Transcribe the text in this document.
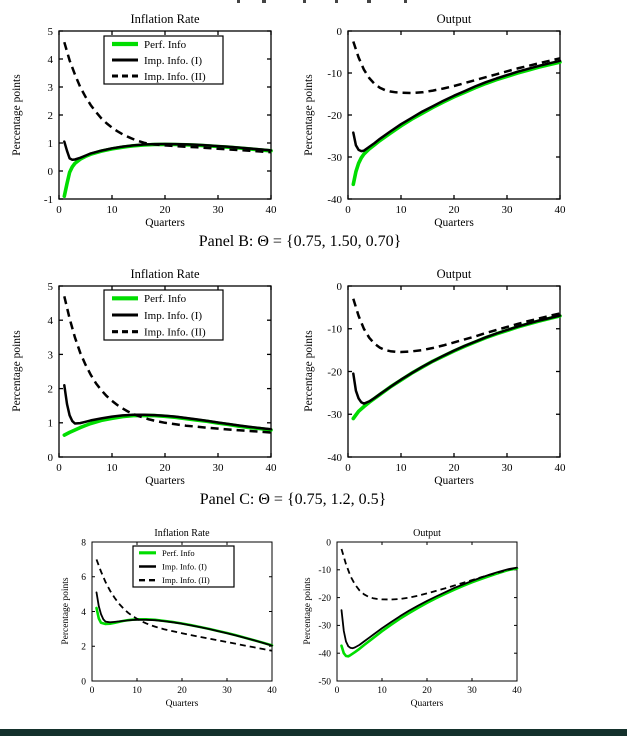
Panel B: Θ = {0.75, 1.50, 0.70}
Panel C: Θ = {0.75, 1.2, 0.5}
0	10	20	30	40
-1
0
1
2
3
4
5
Inflation Rate
Quarters
Percentage points
Perf. Info
Imp. Info. (I)
Imp. Info. (II)
0	10	20	30	40
0
-10
-20
-30
-40
Output
Quarters
Percentage points
0	10	20	30	40
0
1
2
3
4
5
Inflation Rate
Quarters
Percentage points
Perf. Info
Imp. Info. (I)
Imp. Info. (II)
0	10	20	30	40
0
-10
-20
-30
-40
Output
Quarters
Percentage points
0	10	20	30	40
0
2
4
6
8
Inflation Rate
Quarters
Percentage points
Perf. Info
Imp. Info. (I)
Imp. Info. (II)
0	10	20	30	40
0
-10
-20
-30
-40
-50
Output
Quarters
Percentage points
